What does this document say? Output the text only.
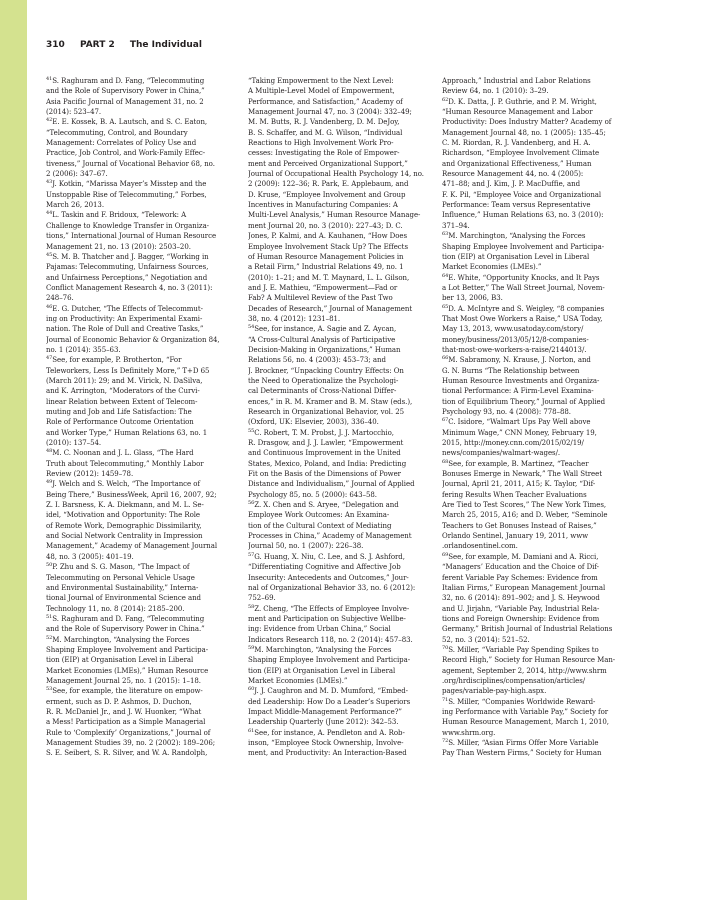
310 PART 2 The Individual
$^{41}$S. Raghuram and D. Fang, “Telecommuting
and the Role of Supervisory Power in China,”
Asia Pacific Journal of Management 31, no. 2
(2014): 523–47.
$^{42}$E. E. Kossek, B. A. Lautsch, and S. C. Eaton,
“Telecommuting, Control, and Boundary
Management: Correlates of Policy Use and
Practice, Job Control, and Work-Family Effec-
tiveness,” Journal of Vocational Behavior 68, no.
2 (2006): 347–67.
$^{43}$J. Kotkin, “Marissa Mayer’s Misstep and the
Unstoppable Rise of Telecommuting,” Forbes,
March 26, 2013.
$^{44}$L. Taskin and F. Bridoux, “Telework: A
Challenge to Knowledge Transfer in Organiza-
tions,” International Journal of Human Resource
Management 21, no. 13 (2010): 2503–20.
$^{45}$S. M. B. Thatcher and J. Bagger, “Working in
Pajamas: Telecommuting, Unfairness Sources,
and Unfairness Perceptions,” Negotiation and
Conflict Management Research 4, no. 3 (2011):
248–76.
$^{46}$E. G. Dutcher, “The Effects of Telecommut-
ing on Productivity: An Experimental Exami-
nation. The Role of Dull and Creative Tasks,”
Journal of Economic Behavior & Organization 84,
no. 1 (2014): 355–63.
$^{47}$See, for example, P. Brotherton, “For
Teleworkers, Less Is Definitely More,” T+D 65
(March 2011): 29; and M. Virick, N. DaSilva,
and K. Arrington, “Moderators of the Curvi-
linear Relation between Extent of Telecom-
muting and Job and Life Satisfaction: The
Role of Performance Outcome Orientation
and Worker Type,” Human Relations 63, no. 1
(2010): 137–54.
$^{48}$M. C. Noonan and J. L. Glass, “The Hard
Truth about Telecommuting,” Monthly Labor
Review (2012): 1459–78.
$^{49}$J. Welch and S. Welch, “The Importance of
Being There,” BusinessWeek, April 16, 2007, 92;
Z. I. Barsness, K. A. Diekmann, and M. L. Se-
idel, “Motivation and Opportunity: The Role
of Remote Work, Demographic Dissimilarity,
and Social Network Centrality in Impression
Management,” Academy of Management Journal
48, no. 3 (2005): 401–19.
$^{50}$P. Zhu and S. G. Mason, “The Impact of
Telecommuting on Personal Vehicle Usage
and Environmental Sustainability,” Interna-
tional Journal of Environmental Science and
Technology 11, no. 8 (2014): 2185–200.
$^{51}$S. Raghuram and D. Fang, “Telecommuting
and the Role of Supervisory Power in China.”
$^{52}$M. Marchington, “Analysing the Forces
Shaping Employee Involvement and Participa-
tion (EIP) at Organisation Level in Liberal
Market Economies (LMEs),” Human Resource
Management Journal 25, no. 1 (2015): 1–18.
$^{53}$See, for example, the literature on empow-
erment, such as D. P. Ashmos, D. Duchon,
R. R. McDaniel Jr., and J. W. Huonker, “What
a Mess! Participation as a Simple Managerial
Rule to ‘Complexify’ Organizations,” Journal of
Management Studies 39, no. 2 (2002): 189–206;
S. E. Seibert, S. R. Silver, and W. A. Randolph,
“Taking Empowerment to the Next Level:
A Multiple-Level Model of Empowerment,
Performance, and Satisfaction,” Academy of
Management Journal 47, no. 3 (2004): 332–49;
M. M. Butts, R. J. Vandenberg, D. M. DeJoy,
B. S. Schaffer, and M. G. Wilson, “Individual
Reactions to High Involvement Work Pro-
cesses: Investigating the Role of Empower-
ment and Perceived Organizational Support,”
Journal of Occupational Health Psychology 14, no.
2 (2009): 122–36; R. Park, E. Applebaum, and
D. Kruse, “Employee Involvement and Group
Incentives in Manufacturing Companies: A
Multi-Level Analysis,” Human Resource Manage-
ment Journal 20, no. 3 (2010): 227–43; D. C.
Jones, P. Kalmi, and A. Kauhanen, “How Does
Employee Involvement Stack Up? The Effects
of Human Resource Management Policies in
a Retail Firm,” Industrial Relations 49, no. 1
(2010): 1–21; and M. T. Maynard, L. L. Gilson,
and J. E. Mathieu, “Empowerment—Fad or
Fab? A Multilevel Review of the Past Two
Decades of Research,” Journal of Management
38, no. 4 (2012): 1231–81.
$^{54}$See, for instance, A. Sagie and Z. Aycan,
“A Cross-Cultural Analysis of Participative
Decision-Making in Organizations,” Human
Relations 56, no. 4 (2003): 453–73; and
J. Brockner, “Unpacking Country Effects: On
the Need to Operationalize the Psychologi-
cal Determinants of Cross-National Differ-
ences,” in R. M. Kramer and B. M. Staw (eds.),
Research in Organizational Behavior, vol. 25
(Oxford, UK: Elsevier, 2003), 336–40.
$^{55}$C. Robert, T. M. Probst, J. J. Martocchio,
R. Drasgow, and J. J. Lawler, “Empowerment
and Continuous Improvement in the United
States, Mexico, Poland, and India: Predicting
Fit on the Basis of the Dimensions of Power
Distance and Individualism,” Journal of Applied
Psychology 85, no. 5 (2000): 643–58.
$^{56}$Z. X. Chen and S. Aryee, “Delegation and
Employee Work Outcomes: An Examina-
tion of the Cultural Context of Mediating
Processes in China,” Academy of Management
Journal 50, no. 1 (2007): 226–38.
$^{57}$G. Huang, X. Niu, C. Lee, and S. J. Ashford,
“Differentiating Cognitive and Affective Job
Insecurity: Antecedents and Outcomes,” Jour-
nal of Organizational Behavior 33, no. 6 (2012):
752–69.
$^{58}$Z. Cheng, “The Effects of Employee Involve-
ment and Participation on Subjective Wellbe-
ing: Evidence from Urban China,” Social
Indicators Research 118, no. 2 (2014): 457–83.
$^{59}$M. Marchington, “Analysing the Forces
Shaping Employee Involvement and Participa-
tion (EIP) at Organisation Level in Liberal
Market Economies (LMEs).”
$^{60}$J. J. Caughron and M. D. Mumford, “Embed-
ded Leadership: How Do a Leader’s Superiors
Impact Middle-Management Performance?”
Leadership Quarterly (June 2012): 342–53.
$^{61}$See, for instance, A. Pendleton and A. Rob-
inson, “Employee Stock Ownership, Involve-
ment, and Productivity: An Interaction-Based
Approach,” Industrial and Labor Relations
Review 64, no. 1 (2010): 3–29.
$^{62}$D. K. Datta, J. P. Guthrie, and P. M. Wright,
“Human Resource Management and Labor
Productivity: Does Industry Matter? Academy of
Management Journal 48, no. 1 (2005): 135–45;
C. M. Riordan, R. J. Vandenberg, and H. A.
Richardson, “Employee Involvement Climate
and Organizational Effectiveness,” Human
Resource Management 44, no. 4 (2005):
471–88; and J. Kim, J. P. MacDuffie, and
F. K. Pil, “Employee Voice and Organizational
Performance: Team versus Representative
Influence,” Human Relations 63, no. 3 (2010):
371–94.
$^{63}$M. Marchington, “Analysing the Forces
Shaping Employee Involvement and Participa-
tion (EIP) at Organisation Level in Liberal
Market Economies (LMEs).”
$^{64}$E. White, “Opportunity Knocks, and It Pays
a Lot Better,” The Wall Street Journal, Novem-
ber 13, 2006, B3.
$^{65}$D. A. McIntyre and S. Weigley, “8 companies
That Most Owe Workers a Raise,” USA Today,
May 13, 2013, www.usatoday.com/story/
money/business/2013/05/12/8-companies-
that-most-owe-workers-a-raise/2144013/.
$^{66}$M. Sabramony, N. Krause, J. Norton, and
G. N. Burns “The Relationship between
Human Resource Investments and Organiza-
tional Performance: A Firm-Level Examina-
tion of Equilibrium Theory,” Journal of Applied
Psychology 93, no. 4 (2008): 778–88.
$^{67}$C. Isidore, “Walmart Ups Pay Well above
Minimum Wage,” CNN Money, February 19,
2015, http://money.cnn.com/2015/02/19/
news/companies/walmart-wages/.
$^{68}$See, for example, B. Martinez, “Teacher
Bonuses Emerge in Newark,” The Wall Street
Journal, April 21, 2011, A15; K. Taylor, “Dif-
fering Results When Teacher Evaluations
Are Tied to Test Scores,” The New York Times,
March 25, 2015, A16; and D. Weber, “Seminole
Teachers to Get Bonuses Instead of Raises,”
Orlando Sentinel, January 19, 2011, www
.orlandosentinel.com.
$^{69}$See, for example, M. Damiani and A. Ricci,
“Managers’ Education and the Choice of Dif-
ferent Variable Pay Schemes: Evidence from
Italian Firms,” European Management Journal
32, no. 6 (2014): 891–902; and J. S. Heywood
and U. Jirjahn, “Variable Pay, Industrial Rela-
tions and Foreign Ownership: Evidence from
Germany,” British Journal of Industrial Relations
52, no. 3 (2014): 521–52.
$^{70}$S. Miller, “Variable Pay Spending Spikes to
Record High,” Society for Human Resource Man-
agement, September 2, 2014, http://www.shrm
.org/hrdisciplines/compensation/articles/
pages/variable-pay-high.aspx.
$^{71}$S. Miller, “Companies Worldwide Reward-
ing Performance with Variable Pay,” Society for
Human Resource Management, March 1, 2010,
www.shrm.org.
$^{72}$S. Miller, “Asian Firms Offer More Variable
Pay Than Western Firms,” Society for Human
